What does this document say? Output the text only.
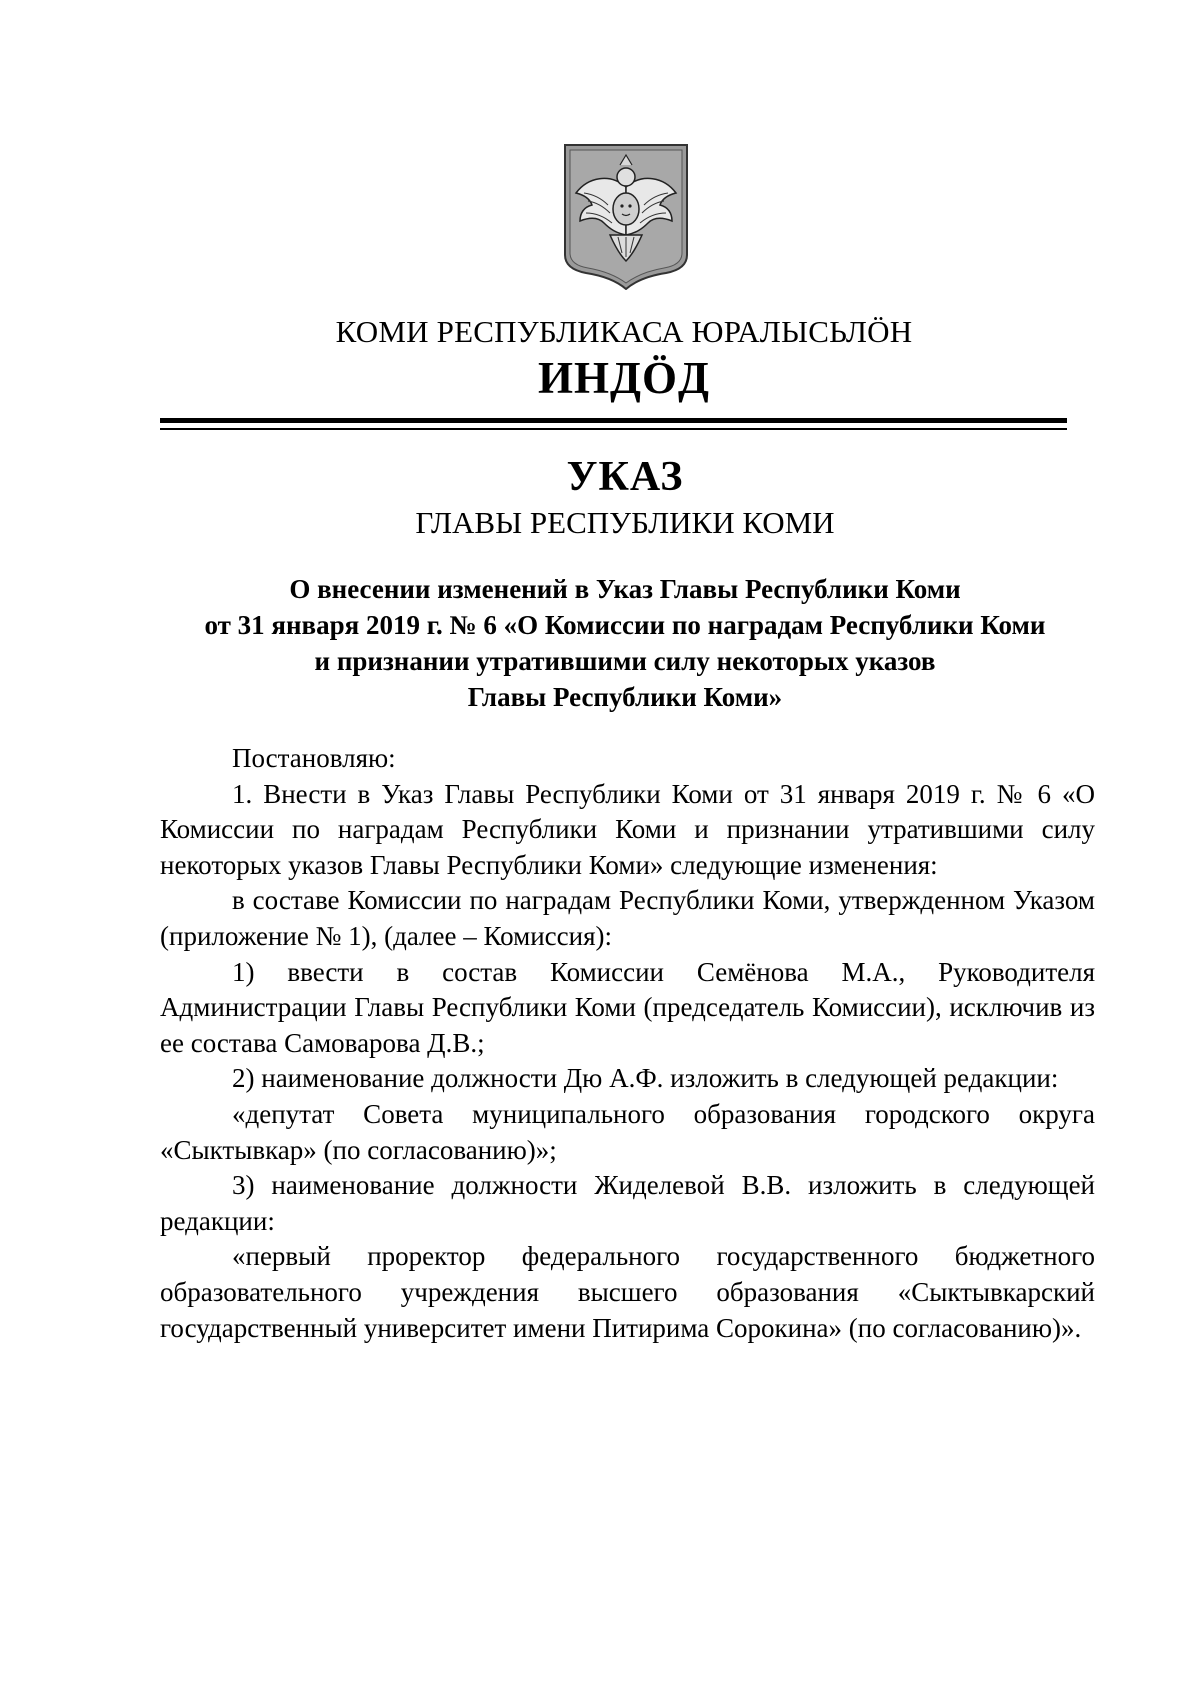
КОМИ РЕСПУБЛИКАСА ЮРАЛЫСЬЛÖН
ИНДÖД
УКАЗ
ГЛАВЫ РЕСПУБЛИКИ КОМИ
О внесении изменений в Указ Главы Республики Коми
от 31 января 2019 г. № 6 «О Комиссии по наградам Республики Коми
и признании утратившими силу некоторых указов
Главы Республики Коми»

Постановляю:

1. Внести в Указ Главы Республики Коми от 31 января 2019 г. № 6 «О Комиссии по наградам Республики Коми и признании утратившими силу некоторых указов Главы Республики Коми» следующие изменения:

в составе Комиссии по наградам Республики Коми, утвержденном Указом (приложение № 1), (далее – Комиссия):

1) ввести в состав Комиссии Семёнова М.А., Руководителя Администрации Главы Республики Коми (председатель Комиссии), исключив из ее состава Самоварова Д.В.;

2) наименование должности Дю А.Ф. изложить в следующей редакции:

«депутат Совета муниципального образования городского округа «Сыктывкар» (по согласованию)»;

3) наименование должности Жиделевой В.В. изложить в следующей редакции:

«первый проректор федерального государственного бюджетного образовательного учреждения высшего образования «Сыктывкарский государственный университет имени Питирима Сорокина» (по согласованию)».
